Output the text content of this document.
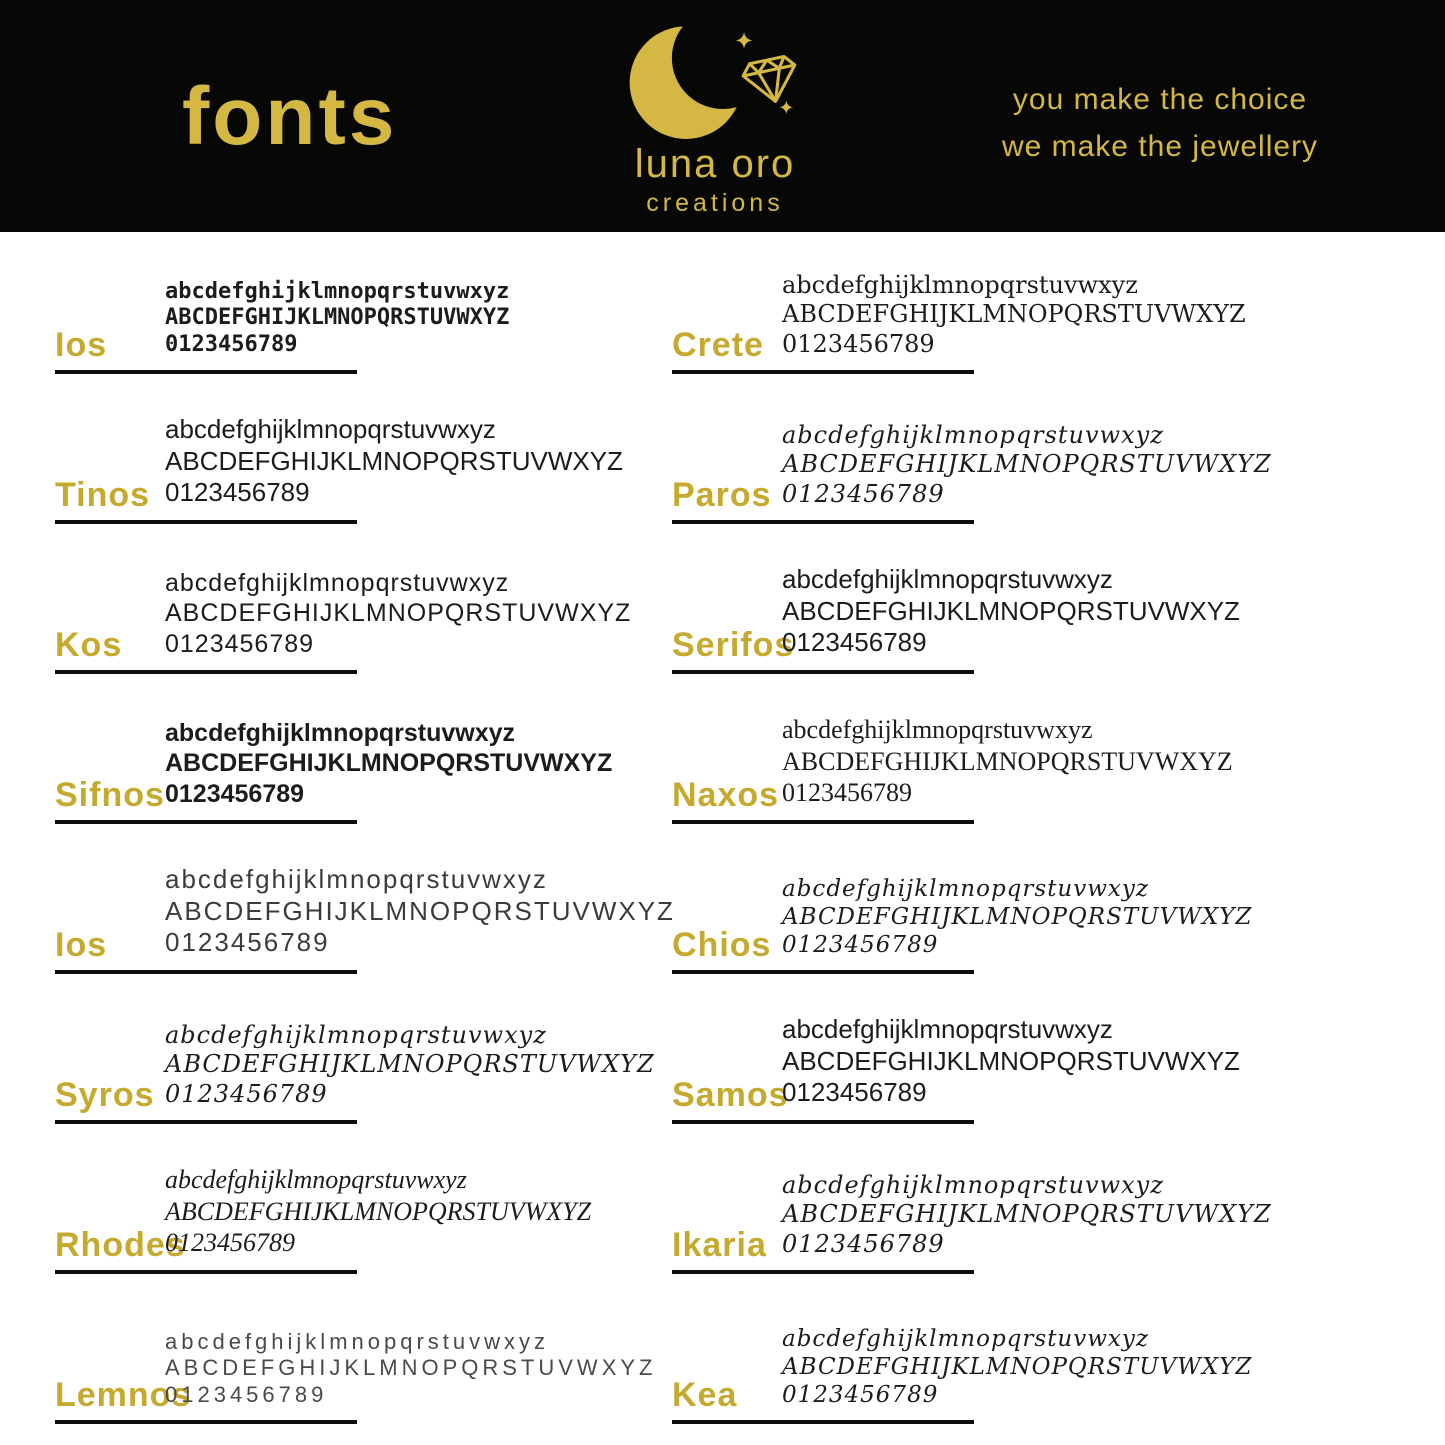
fonts
luna oro
creations
you make the choice
we make the jewellery
Ios
abcdefghijklmnopqrstuvwxyz
ABCDEFGHIJKLMNOPQRSTUVWXYZ
0123456789	Crete
abcdefghijklmnopqrstuvwxyz
ABCDEFGHIJKLMNOPQRSTUVWXYZ
0123456789
Tinos
abcdefghijklmnopqrstuvwxyz
ABCDEFGHIJKLMNOPQRSTUVWXYZ
0123456789	Paros
abcdefghijklmnopqrstuvwxyz
ABCDEFGHIJKLMNOPQRSTUVWXYZ
0123456789
Kos
abcdefghijklmnopqrstuvwxyz
ABCDEFGHIJKLMNOPQRSTUVWXYZ
0123456789	Serifos
abcdefghijklmnopqrstuvwxyz
ABCDEFGHIJKLMNOPQRSTUVWXYZ
0123456789
Sifnos
abcdefghijklmnopqrstuvwxyz
ABCDEFGHIJKLMNOPQRSTUVWXYZ
0123456789	Naxos
abcdefghijklmnopqrstuvwxyz
ABCDEFGHIJKLMNOPQRSTUVWXYZ
0123456789
Ios
abcdefghijklmnopqrstuvwxyz
ABCDEFGHIJKLMNOPQRSTUVWXYZ
0123456789	Chios
abcdefghijklmnopqrstuvwxyz
ABCDEFGHIJKLMNOPQRSTUVWXYZ
0123456789
Syros
abcdefghijklmnopqrstuvwxyz
ABCDEFGHIJKLMNOPQRSTUVWXYZ
0123456789	Samos
abcdefghijklmnopqrstuvwxyz
ABCDEFGHIJKLMNOPQRSTUVWXYZ
0123456789
Rhodes
abcdefghijklmnopqrstuvwxyz
ABCDEFGHIJKLMNOPQRSTUVWXYZ
0123456789	Ikaria
abcdefghijklmnopqrstuvwxyz
ABCDEFGHIJKLMNOPQRSTUVWXYZ
0123456789
Lemnos
abcdefghijklmnopqrstuvwxyz
ABCDEFGHIJKLMNOPQRSTUVWXYZ
0123456789	Kea
abcdefghijklmnopqrstuvwxyz
ABCDEFGHIJKLMNOPQRSTUVWXYZ
0123456789
